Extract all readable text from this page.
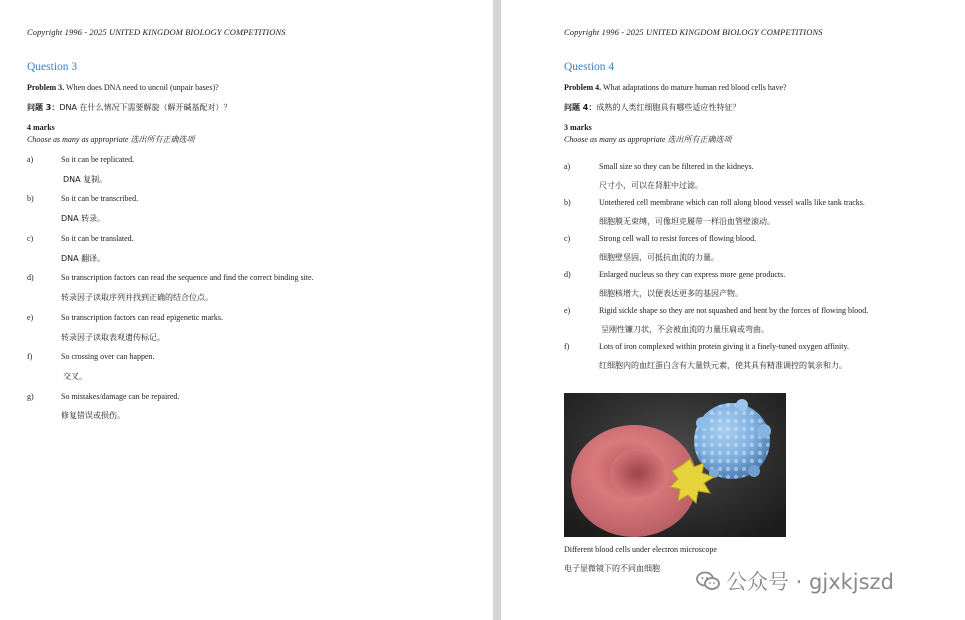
Copyright 1996 - 2025 UNITED KINGDOM BIOLOGY COMPETITIONS
Question 3
Problem 3. When does DNA need to uncoil (unpair bases)?
问题 3：DNA 在什么情况下需要解旋（解开碱基配对）？
4 marks
Choose as many as appropriate 选出所有正确选项
a)	So it can be replicated.
DNA 复制。
b)	So it can be transcribed.
DNA 转录。
c)	So it can be translated.
DNA 翻译。
d)	So transcription factors can read the sequence and find the correct binding site.
转录因子读取序列并找到正确的结合位点。
e)	So transcription factors can read epigenetic marks.
转录因子读取表观遗传标记。
f)	So crossing over can happen.
交叉。
g)	So mistakes/damage can be repaired.
修复错误或损伤。
Copyright 1996 - 2025 UNITED KINGDOM BIOLOGY COMPETITIONS
Question 4
Problem 4. What adaptations do mature human red blood cells have?
问题 4：成熟的人类红细胞具有哪些适应性特征？
3 marks
Choose as many as appropriate 选出所有正确选项
a)	Small size so they can be filtered in the kidneys.
尺寸小，可以在肾脏中过滤。
b)	Untethered cell membrane which can roll along blood vessel walls like tank tracks.
细胞膜无束缚，可像坦克履带一样沿血管壁滚动。
c)	Strong cell wall to resist forces of flowing blood.
细胞壁坚固，可抵抗血流的力量。
d)	Enlarged nucleus so they can express more gene products.
细胞核增大，以便表达更多的基因产物。
e)	Rigid sickle shape so they are not squashed and bent by the forces of flowing blood.
呈刚性镰刀状，不会被血流的力量压扁或弯曲。
f)	Lots of iron complexed within protein giving it a finely-tuned oxygen affinity.
红细胞内的血红蛋白含有大量铁元素，使其具有精准调控的氧亲和力。
Different blood cells under electron microscope
电子显微镜下的不同血细胞
公众号 · gjxkjszd
